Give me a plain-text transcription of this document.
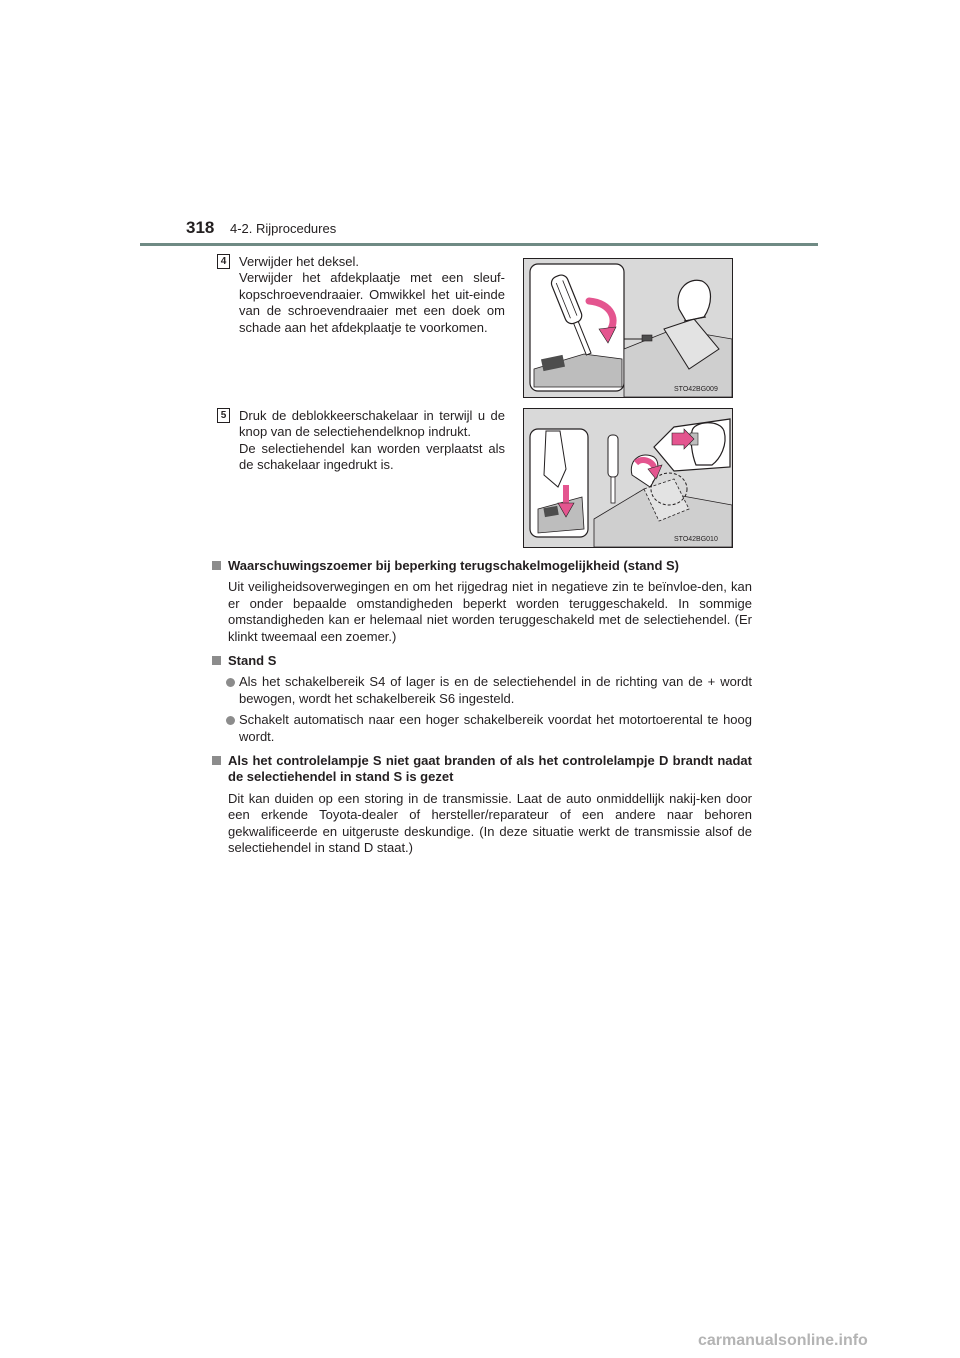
318 4-2. Rijprocedures
4 Verwijder het deksel.

Verwijder het afdekplaatje met een sleuf-kopschroevendraaier. Omwikkel het uit-einde van de schroevendraaier met een doek om schade aan het afdekplaatje te voorkomen.

STO42BG009
5 Druk de deblokkeerschakelaar in terwijl u de knop van de selectiehendelknop indrukt.

De selectiehendel kan worden verplaatst als de schakelaar ingedrukt is.

STO42BG010
Waarschuwingszoemer bij beperking terugschakelmogelijkheid (stand S)
Uit veiligheidsoverwegingen en om het rijgedrag niet in negatieve zin te beïnvloe-den, kan er onder bepaalde omstandigheden beperkt worden teruggeschakeld. In sommige omstandigheden kan er helemaal niet worden teruggeschakeld met de selectiehendel. (Er klinkt tweemaal een zoemer.)
Stand S
Als het schakelbereik S4 of lager is en de selectiehendel in de richting van de + wordt bewogen, wordt het schakelbereik S6 ingesteld.
Schakelt automatisch naar een hoger schakelbereik voordat het motortoerental te hoog wordt.
Als het controlelampje S niet gaat branden of als het controlelampje D brandt nadat de selectiehendel in stand S is gezet
Dit kan duiden op een storing in de transmissie. Laat de auto onmiddellijk nakij-ken door een erkende Toyota-dealer of hersteller/reparateur of een andere naar behoren gekwalificeerde en uitgeruste deskundige. (In deze situatie werkt de transmissie alsof de selectiehendel in stand D staat.)
carmanualsonline.info
